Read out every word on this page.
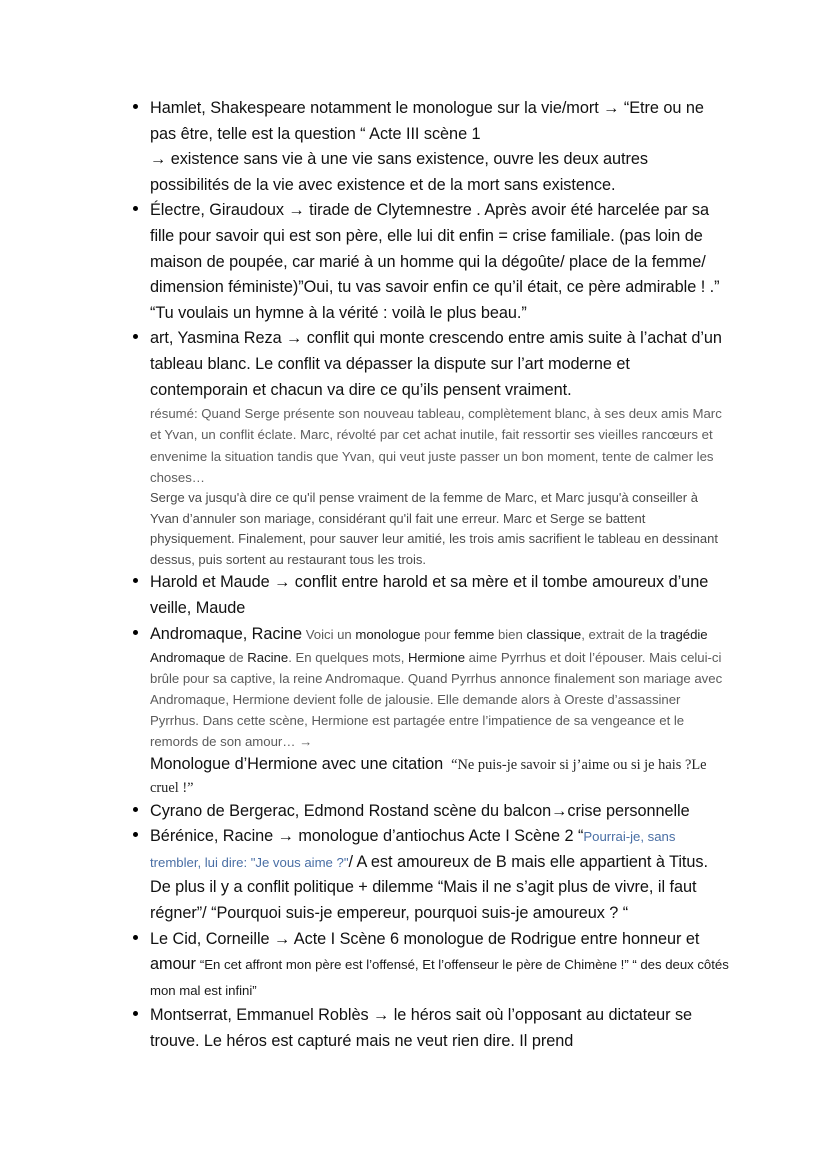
Hamlet, Shakespeare notamment le monologue sur la vie/mort → “Etre ou ne pas être, telle est la question “ Acte III scène 1
→ existence sans vie à une vie sans existence, ouvre les deux autres possibilités de la vie avec existence et de la mort sans existence.
Électre, Giraudoux → tirade de Clytemnestre . Après avoir été harcelée par sa fille pour savoir qui est son père, elle lui dit enfin = crise familiale. (pas loin de maison de poupée, car marié à un homme qui la dégoûte/ place de la femme/ dimension féministe)”Oui, tu vas savoir enfin ce qu’il était, ce père admirable ! .” “Tu voulais un hymne à la vérité : voilà le plus beau.”
art, Yasmina Reza → conflit qui monte crescendo entre amis suite à l’achat d’un tableau blanc. Le conflit va dépasser la dispute sur l’art moderne et contemporain et chacun va dire ce qu’ils pensent vraiment.
résumé: Quand Serge présente son nouveau tableau, complètement blanc, à ses deux amis Marc et Yvan, un conflit éclate. Marc, révolté par cet achat inutile, fait ressortir ses vieilles rancœurs et envenime la situation tandis que Yvan, qui veut juste passer un bon moment, tente de calmer les choses…
Serge va jusqu'à dire ce qu'il pense vraiment de la femme de Marc, et Marc jusqu'à conseiller à Yvan d’annuler son mariage, considérant qu'il fait une erreur. Marc et Serge se battent physiquement. Finalement, pour sauver leur amitié, les trois amis sacrifient le tableau en dessinant dessus, puis sortent au restaurant tous les trois.
Harold et Maude → conflit entre harold et sa mère et il tombe amoureux d’une veille, Maude
Andromaque, Racine Voici un monologue pour femme bien classique, extrait de la tragédie Andromaque de Racine. En quelques mots, Hermione aime Pyrrhus et doit l’épouser. Mais celui-ci brûle pour sa captive, la reine Andromaque. Quand Pyrrhus annonce finalement son mariage avec Andromaque, Hermione devient folle de jalousie. Elle demande alors à Oreste d’assassiner Pyrrhus. Dans cette scène, Hermione est partagée entre l’impatience de sa vengeance et le remords de son amour… →
Monologue d’Hermione avec une citation “Ne puis-je savoir si j’aime ou si je hais ?Le cruel !”
Cyrano de Bergerac, Edmond Rostand scène du balcon→crise personnelle
Bérénice, Racine → monologue d’antiochus Acte I Scène 2 “Pourrai-je, sans trembler, lui dire: "Je vous aime ?"/ A est amoureux de B mais elle appartient à Titus. De plus il y a conflit politique + dilemme “Mais il ne s’agit plus de vivre, il faut régner”/ “Pourquoi suis-je empereur, pourquoi suis-je amoureux ? “
Le Cid, Corneille → Acte I Scène 6 monologue de Rodrigue entre honneur et amour “En cet affront mon père est l’offensé, Et l’offenseur le père de Chimène !” “ des deux côtés mon mal est infini”
Montserrat, Emmanuel Roblès → le héros sait où l’opposant au dictateur se trouve. Le héros est capturé mais ne veut rien dire. Il prend
